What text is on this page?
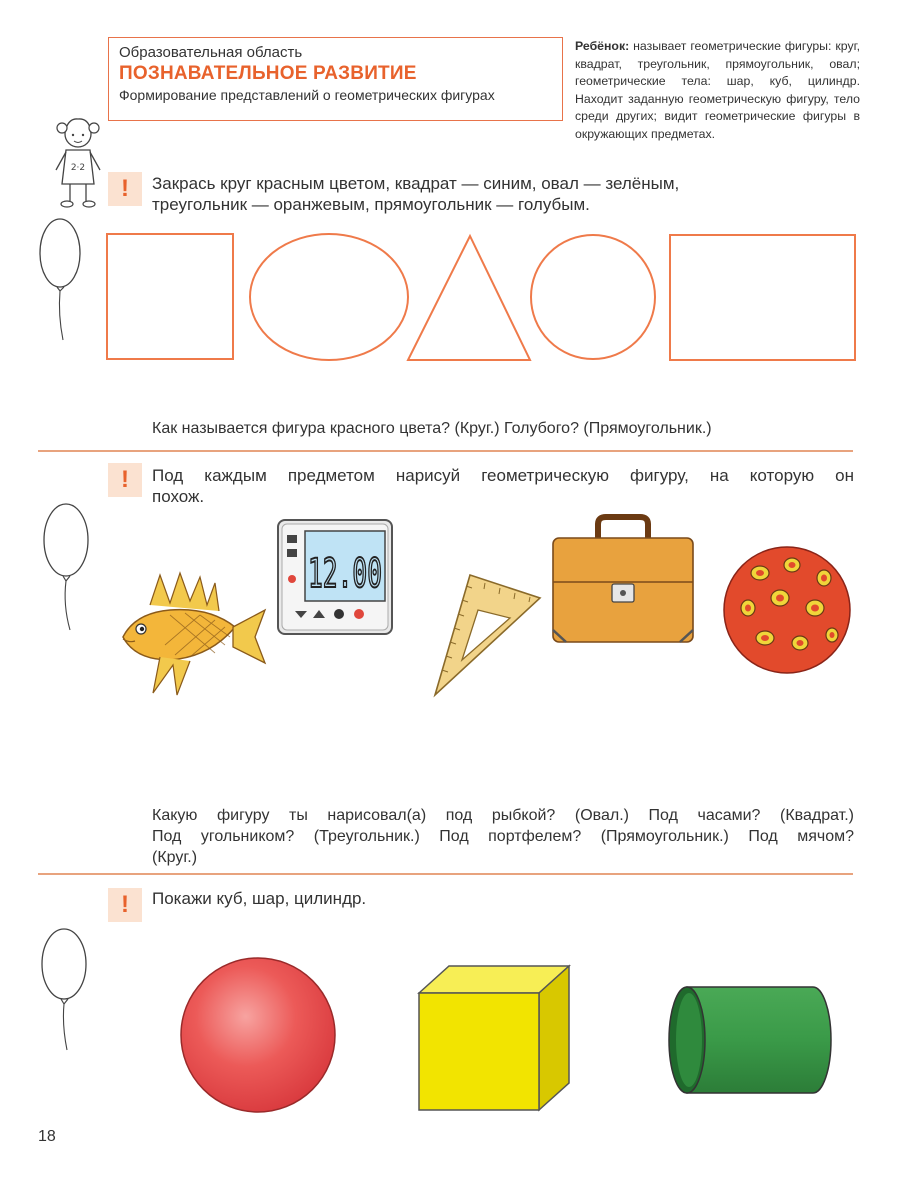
Образовательная область
ПОЗНАВАТЕЛЬНОЕ РАЗВИТИЕ
Формирование представлений о геометрических фигурах
Ребёнок: называет геометрические фигуры: круг, квадрат, треугольник, прямоугольник, овал; геометрические тела: шар, куб, цилиндр. Находит заданную геометрическую фигуру, тело среди других; видит геометрические фигуры в окружающих предметах.
2·2
!	Закрась круг красным цветом, квадрат — синим, овал — зелёным,
треугольник — оранжевым, прямоугольник — голубым.
Как называется фигура красного цвета? (Круг.) Голубого? (Прямоугольник.)
!	Под каждым предметом нарисуй геометрическую фигуру, на которую он
похож.
12.00
Какую фигуру ты нарисовал(а) под рыбкой? (Овал.) Под часами? (Квадрат.)
Под угольником? (Треугольник.) Под портфелем? (Прямоугольник.) Под мячом?
(Круг.)
!	Покажи куб, шар, цилиндр.
18
